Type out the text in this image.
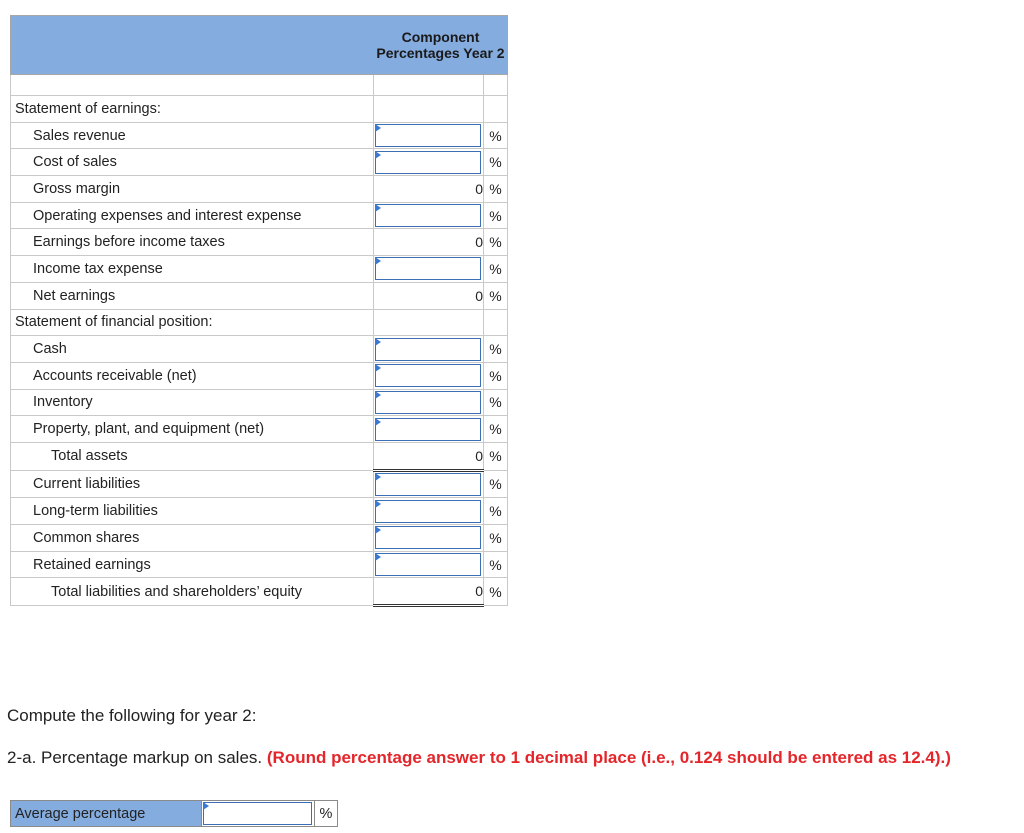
	Component Percentages Year 2	

Statement of earnings:		
Sales revenue		%
Cost of sales		%
Gross margin	0	%
Operating expenses and interest expense		%
Earnings before income taxes	0	%
Income tax expense		%
Net earnings	0	%
Statement of financial position:		
Cash		%
Accounts receivable (net)		%
Inventory		%
Property, plant, and equipment (net)		%
Total assets	0	%
Current liabilities		%
Long-term liabilities		%
Common shares		%
Retained earnings		%
Total liabilities and shareholders’ equity	0	%
Compute the following for year 2:
2-a. Percentage markup on sales. (Round percentage answer to 1 decimal place (i.e., 0.124 should be entered as 12.4).)
Average percentage		%
